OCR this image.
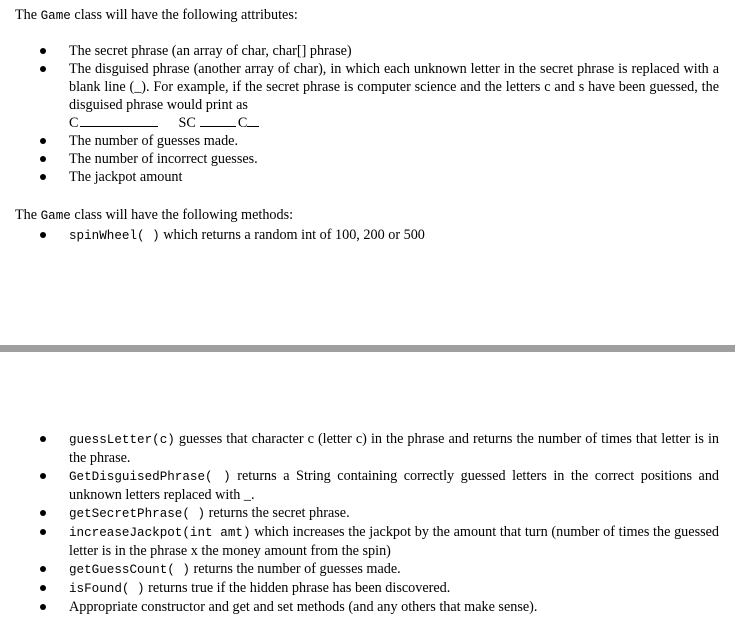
The Game class will have the following attributes:

The secret phrase (an array of char, char[] phrase)
The disguised phrase (another array of char), in which each unknown letter in the secret phrase is replaced with a blank line (_). For example, if the secret phrase is computer science and the letters c and s have been guessed, the disguised phrase would print as
C	SC	C
The number of guesses made.
The number of incorrect guesses.
The jackpot amount

The Game class will have the following methods:

spinWheel( ) which returns a random int of 100, 200 or 500
guessLetter(c) guesses that character c (letter c) in the phrase and returns the number of times that letter is in the phrase.
GetDisguisedPhrase( ) returns a String containing correctly guessed letters in the correct positions and unknown letters replaced with _.
getSecretPhrase( ) returns the secret phrase.
increaseJackpot(int amt) which increases the jackpot by the amount that turn (number of times the guessed letter is in the phrase x the money amount from the spin)
getGuessCount( ) returns the number of guesses made.
isFound( ) returns true if the hidden phrase has been discovered.
Appropriate constructor and get and set methods (and any others that make sense).
